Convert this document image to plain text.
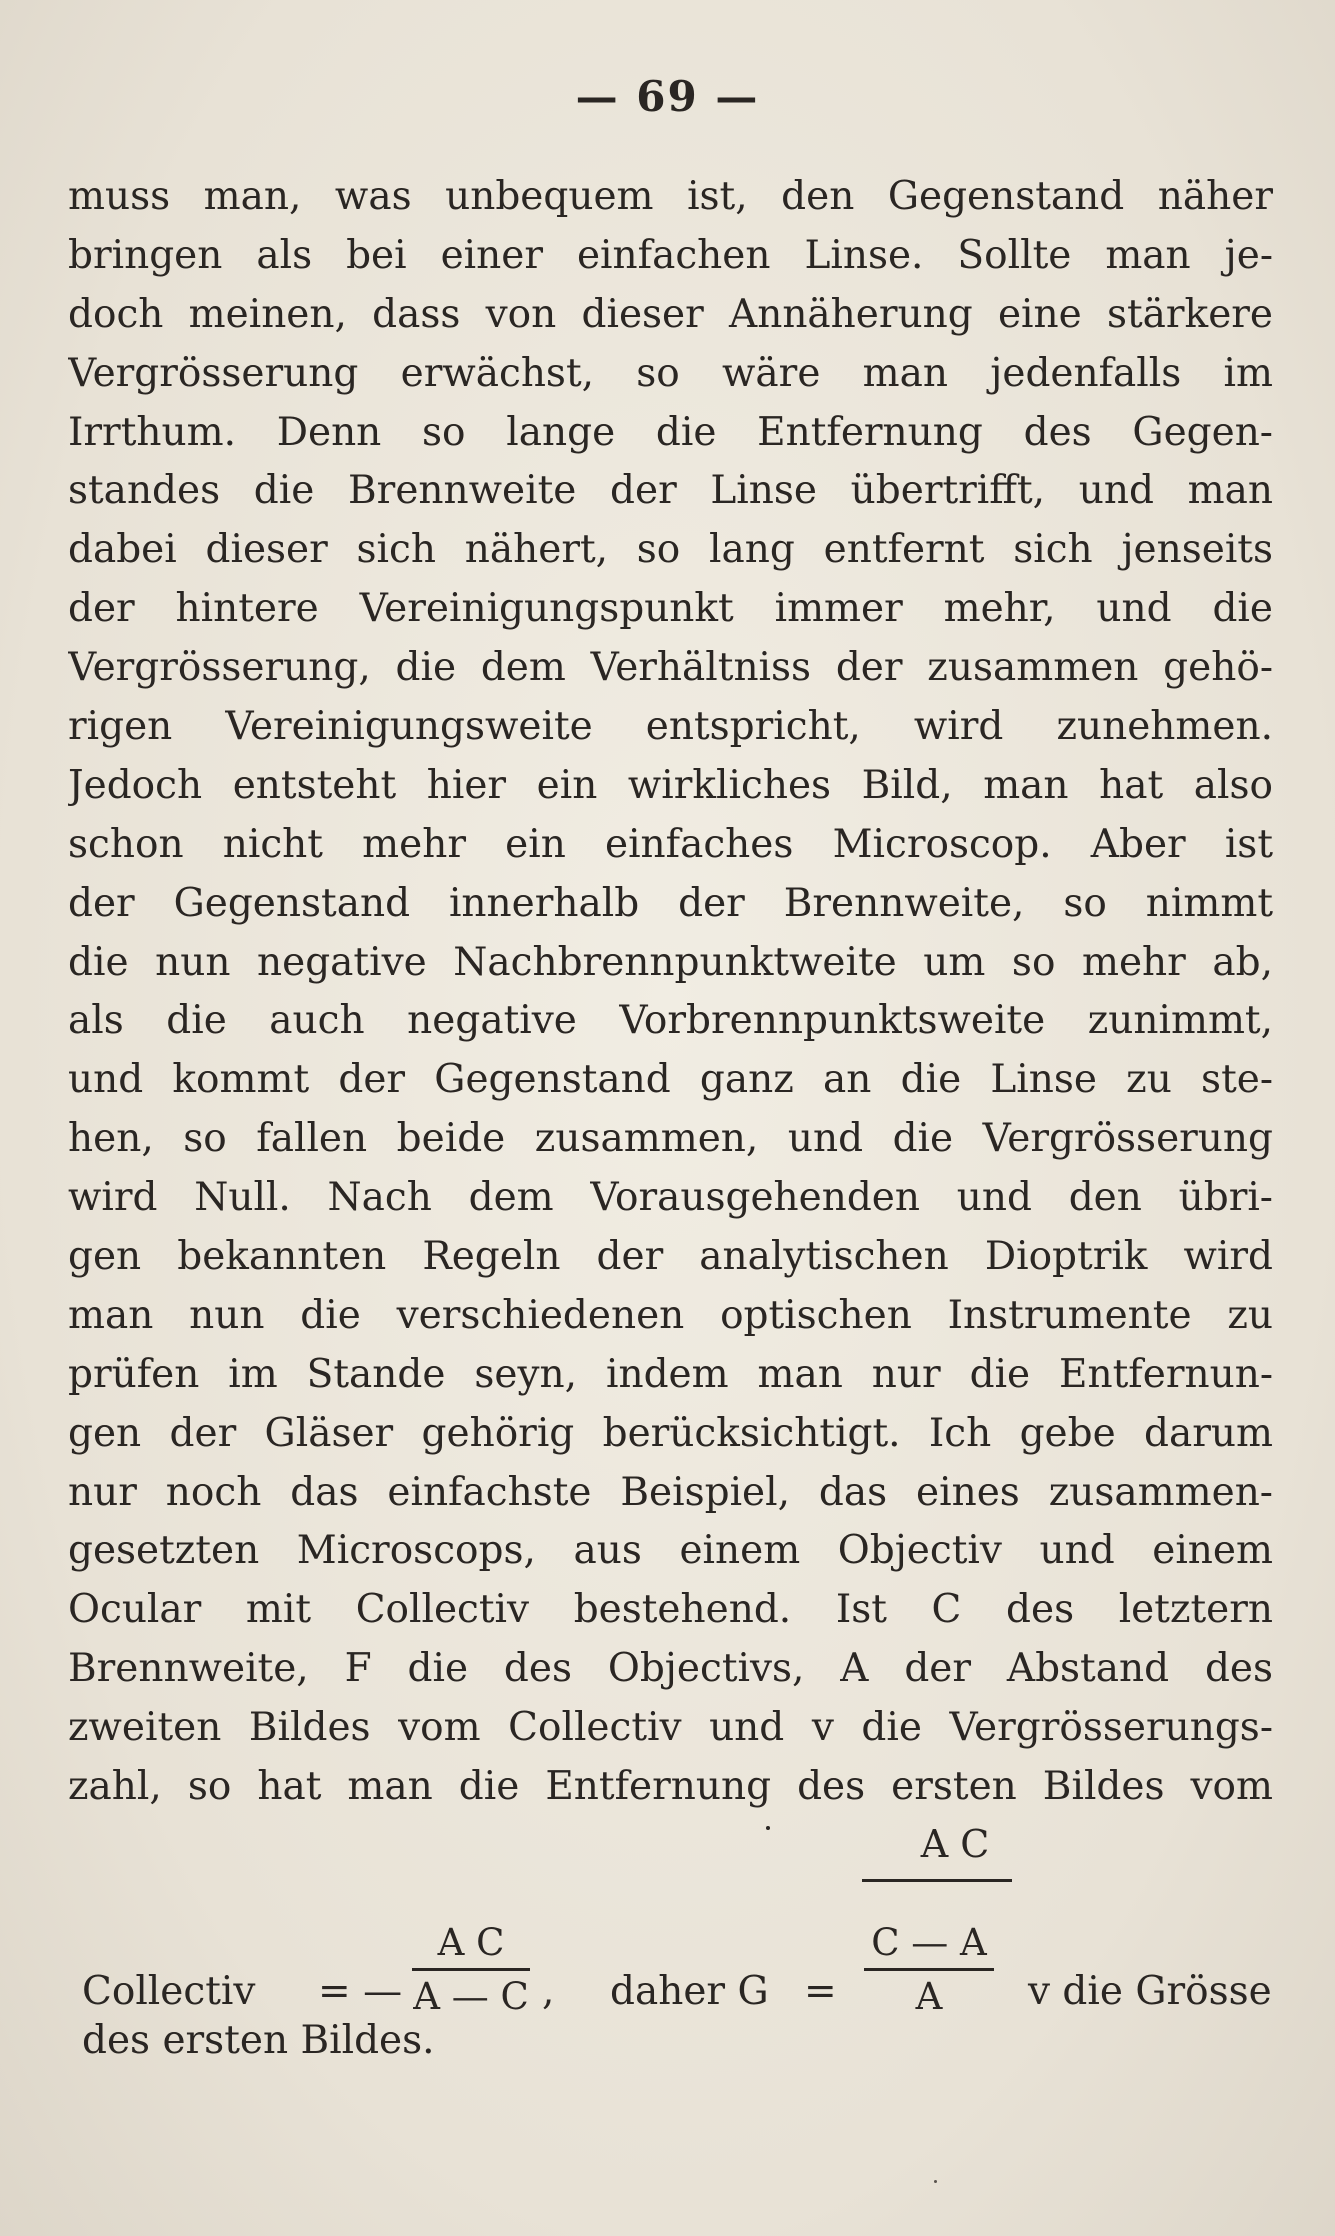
— 69 —
muss man, was unbequem ist, den Gegenstand näher
bringen als bei einer einfachen Linse. Sollte man je-
doch meinen, dass von dieser Annäherung eine stärkere
Vergrösserung erwächst, so wäre man jedenfalls im
Irrthum. Denn so lange die Entfernung des Gegen-
standes die Brennweite der Linse übertrifft, und man
dabei dieser sich nähert, so lang entfernt sich jenseits
der hintere Vereinigungspunkt immer mehr, und die
Vergrösserung, die dem Verhältniss der zusammen gehö-
rigen Vereinigungsweite entspricht, wird zunehmen.
Jedoch entsteht hier ein wirkliches Bild, man hat also
schon nicht mehr ein einfaches Microscop. Aber ist
der Gegenstand innerhalb der Brennweite, so nimmt
die nun negative Nachbrennpunktweite um so mehr ab,
als die auch negative Vorbrennpunktsweite zunimmt,
und kommt der Gegenstand ganz an die Linse zu ste-
hen, so fallen beide zusammen, und die Vergrösserung
wird Null. Nach dem Vorausgehenden und den übri-
gen bekannten Regeln der analytischen Dioptrik wird
man nun die verschiedenen optischen Instrumente zu
prüfen im Stande seyn, indem man nur die Entfernun-
gen der Gläser gehörig berücksichtigt. Ich gebe darum
nur noch das einfachste Beispiel, das eines zusammen-
gesetzten Microscops, aus einem Objectiv und einem
Ocular mit Collectiv bestehend. Ist C des letztern
Brennweite, F die des Objectivs, A der Abstand des
zweiten Bildes vom Collectiv und v die Vergrösserungs-
zahl, so hat man die Entfernung des ersten Bildes vom
A C
Collectiv = — $\frac{\text{A C}}{A — C}$ , daher $G = \frac{C — A}{A}$ v die Grösse
des ersten Bildes.
